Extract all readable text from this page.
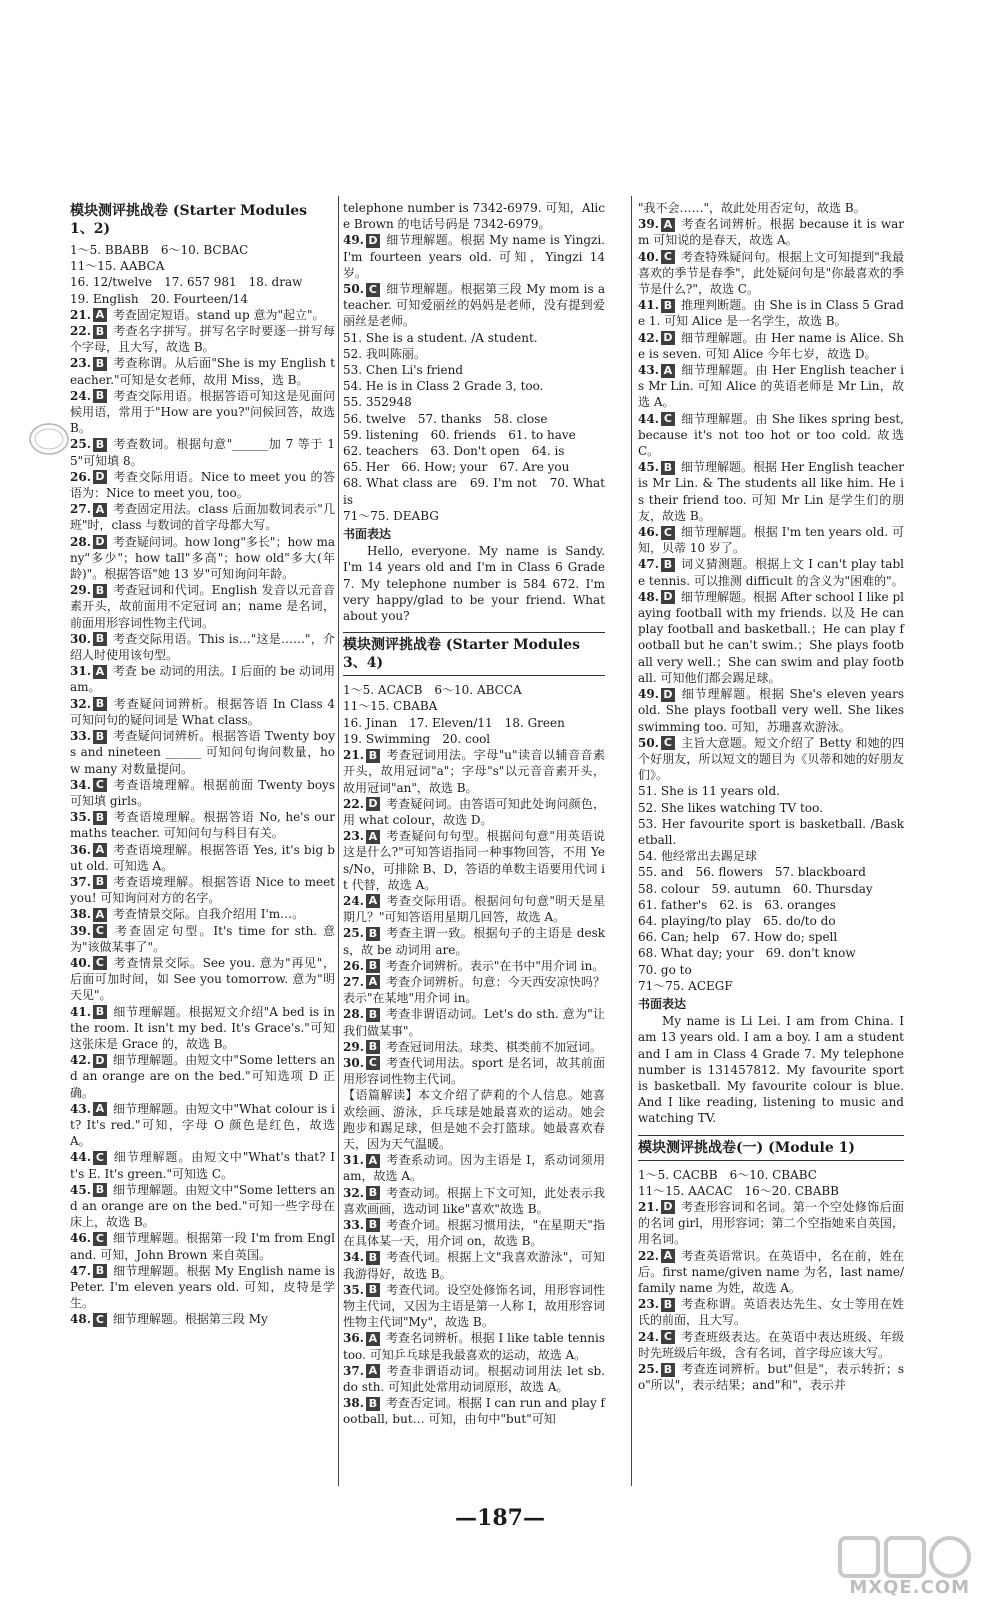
模块测评挑战卷 (Starter Modules 1、2)

1～5. BBABB　6～10. BCBAC

11～15. AABCA

16. 12/twelve　17. 657 981　18. draw

19. English　20. Fourteen/14

21. A 考查固定短语。stand up 意为"起立"。

22. B 考查名字拼写。拼写名字时要逐一拼写每个字母，且大写，故选 B。

23. B 考查称谓。从后面"She is my English teacher."可知是女老师，故用 Miss，选 B。

24. B 考查交际用语。根据答语可知这是见面问候用语，常用于"How are you?"问候回答，故选 B。

25. B 考查数词。根据句意"______加 7 等于 15"可知填 8。

26. D 考查交际用语。Nice to meet you 的答语为：Nice to meet you, too。

27. A 考查固定用法。class 后面加数词表示"几班"时，class 与数词的首字母都大写。

28. D 考查疑问词。how long"多长"；how many"多少"；how tall"多高"；how old"多大(年龄)"。根据答语"她 13 岁"可知询问年龄。

29. B 考查冠词和代词。English 发音以元音音素开头，故前面用不定冠词 an；name 是名词，前面用形容词性物主代词。

30. B 考查交际用语。This is…"这是……"，介绍人时使用该句型。

31. A 考查 be 动词的用法。I 后面的 be 动词用 am。

32. B 考查疑问词辨析。根据答语 In Class 4 可知问句的疑问词是 What class。

33. B 考查疑问词辨析。根据答语 Twenty boys and nineteen ______ 可知问句询问数量，how many 对数量提问。

34. C 考查语境理解。根据前面 Twenty boys 可知填 girls。

35. B 考查语境理解。根据答语 No, he's our maths teacher. 可知问句与科目有关。

36. A 考查语境理解。根据答语 Yes, it's big but old. 可知选 A。

37. B 考查语境理解。根据答语 Nice to meet you! 可知询问对方的名字。

38. A 考查情景交际。自我介绍用 I'm…。

39. C 考查固定句型。It's time for sth. 意为"该做某事了"。

40. C 考查情景交际。See you. 意为"再见"，后面可加时间，如 See you tomorrow. 意为"明天见"。

41. B 细节理解题。根据短文介绍"A bed is in the room. It isn't my bed. It's Grace's."可知这张床是 Grace 的，故选 B。

42. D 细节理解题。由短文中"Some letters and an orange are on the bed."可知选项 D 正确。

43. A 细节理解题。由短文中"What colour is it? It's red."可知，字母 O 颜色是红色，故选 A。

44. C 细节理解题。由短文中"What's that? It's E. It's green."可知选 C。

45. B 细节理解题。由短文中"Some letters and an orange are on the bed."可知一些字母在床上，故选 B。

46. C 细节理解题。根据第一段 I'm from England. 可知，John Brown 来自英国。

47. B 细节理解题。根据 My English name is Peter. I'm eleven years old. 可知，皮特是学生。

48. C 细节理解题。根据第三段 My

telephone number is 7342-6979. 可知，Alice Brown 的电话号码是 7342-6979。

49. D 细节理解题。根据 My name is Yingzi. I'm fourteen years old. 可知，Yingzi 14 岁。

50. C 细节理解题。根据第三段 My mom is a teacher. 可知爱丽丝的妈妈是老师，没有提到爱丽丝是老师。

51. She is a student. /A student.

52. 我叫陈丽。

53. Chen Li's friend

54. He is in Class 2 Grade 3, too.

55. 352948

56. twelve　57. thanks　58. close

59. listening　60. friends　61. to have

62. teachers　63. Don't open　64. is

65. Her　66. How; your　67. Are you

68. What class are　69. I'm not　70. What is

71～75. DEABG

书面表达

Hello, everyone. My name is Sandy. I'm 14 years old and I'm in Class 6 Grade 7. My telephone number is 584 672. I'm very happy/glad to be your friend. What about you?

模块测评挑战卷 (Starter Modules 3、4)

1～5. ACACB　6～10. ABCCA

11～15. CBABA

16. Jinan　17. Eleven/11　18. Green

19. Swimming　20. cool

21. B 考查冠词用法。字母"u"读音以辅音音素开头，故用冠词"a"；字母"s"以元音音素开头，故用冠词"an"，故选 B。

22. D 考查疑问词。由答语可知此处询问颜色，用 what colour，故选 D。

23. A 考查疑问句句型。根据问句意"用英语说这是什么?"可知答语指同一种事物回答，不用 Yes/No，可排除 B、D，答语的单数主语要用代词 it 代替，故选 A。

24. A 考查交际用语。根据问句句意"明天是星期几？"可知答语用星期几回答，故选 A。

25. B 考查主谓一致。根据句子的主语是 desks，故 be 动词用 are。

26. B 考查介词辨析。表示"在书中"用介词 in。

27. A 考查介词辨析。句意：今天西安凉快吗？表示"在某地"用介词 in。

28. B 考查非谓语动词。Let's do sth. 意为"让我们做某事"。

29. B 考查冠词用法。球类、棋类前不加冠词。

30. C 考查代词用法。sport 是名词，故其前面用形容词性物主代词。

【语篇解读】本文介绍了萨莉的个人信息。她喜欢绘画、游泳，乒乓球是她最喜欢的运动。她会跑步和踢足球，但是她不会打篮球。她最喜欢春天，因为天气温暖。

31. A 考查系动词。因为主语是 I，系动词须用 am，故选 A。

32. B 考查动词。根据上下文可知，此处表示我喜欢画画，选动词 like"喜欢"故选 B。

33. B 考查介词。根据习惯用法，"在星期天"指在具体某一天，用介词 on，故选 B。

34. B 考查代词。根据上文"我喜欢游泳"，可知我游得好，故选 B。

35. B 考查代词。设空处修饰名词，用形容词性物主代词，又因为主语是第一人称 I，故用形容词性物主代词"My"，故选 B。

36. A 考查名词辨析。根据 I like table tennis too. 可知乒乓球是我最喜欢的运动，故选 A。

37. A 考查非谓语动词。根据动词用法 let sb. do sth. 可知此处常用动词原形，故选 A。

38. B 考查否定词。根据 I can run and play football, but… 可知，由句中"but"可知

"我不会……"，故此处用否定句，故选 B。

39. A 考查名词辨析。根据 because it is warm 可知说的是春天，故选 A。

40. C 考查特殊疑问句。根据上文可知提到"我最喜欢的季节是春季"，此处疑问句是"你最喜欢的季节是什么?"，故选 C。

41. B 推理判断题。由 She is in Class 5 Grade 1. 可知 Alice 是一名学生，故选 B。

42. D 细节理解题。由 Her name is Alice. She is seven. 可知 Alice 今年七岁，故选 D。

43. A 细节理解题。由 Her English teacher is Mr Lin. 可知 Alice 的英语老师是 Mr Lin，故选 A。

44. C 细节理解题。由 She likes spring best, because it's not too hot or too cold. 故选 C。

45. B 细节理解题。根据 Her English teacher is Mr Lin. & The students all like him. He is their friend too. 可知 Mr Lin 是学生们的朋友，故选 B。

46. C 细节理解题。根据 I'm ten years old. 可知，贝蒂 10 岁了。

47. B 词义猜测题。根据上文 I can't play table tennis. 可以推测 difficult 的含义为"困难的"。

48. D 细节理解题。根据 After school I like playing football with my friends. 以及 He can play football and basketball.；He can play football but he can't swim.；She plays football very well.；She can swim and play football. 可知他们都会踢足球。

49. D 细节理解题。根据 She's eleven years old. She plays football very well. She likes swimming too. 可知，苏珊喜欢游泳。

50. C 主旨大意题。短文介绍了 Betty 和她的四个好朋友，所以短文的题目为《贝蒂和她的好朋友们》。

51. She is 11 years old.

52. She likes watching TV too.

53. Her favourite sport is basketball. /Basketball.

54. 他经常出去踢足球

55. and　56. flowers　57. blackboard

58. colour　59. autumn　60. Thursday

61. father's　62. is　63. oranges

64. playing/to play　65. do/to do

66. Can; help　67. How do; spell

68. What day; your　69. don't know

70. go to

71～75. ACEGF

书面表达

My name is Li Lei. I am from China. I am 13 years old. I am a boy. I am a student and I am in Class 4 Grade 7. My telephone number is 131457812. My favourite sport is basketball. My favourite colour is blue. And I like reading, listening to music and watching TV.

模块测评挑战卷(一) (Module 1)

1～5. CACBB　6～10. CBABC

11～15. AACAC　16～20. CBABB

21. D 考查形容词和名词。第一个空处修饰后面的名词 girl，用形容词；第二个空指她来自英国，用名词。

22. A 考查英语常识。在英语中，名在前，姓在后。first name/given name 为名，last name/family name 为姓，故选 A。

23. B 考查称谓。英语表达先生、女士等用在姓氏的前面，且大写。

24. C 考查班级表达。在英语中表达班级、年级时先班级后年级，含有名词，首字母应该大写。

25. B 考查连词辨析。but"但是"，表示转折；so"所以"，表示结果；and"和"，表示并

—187—
MXQE.COM
